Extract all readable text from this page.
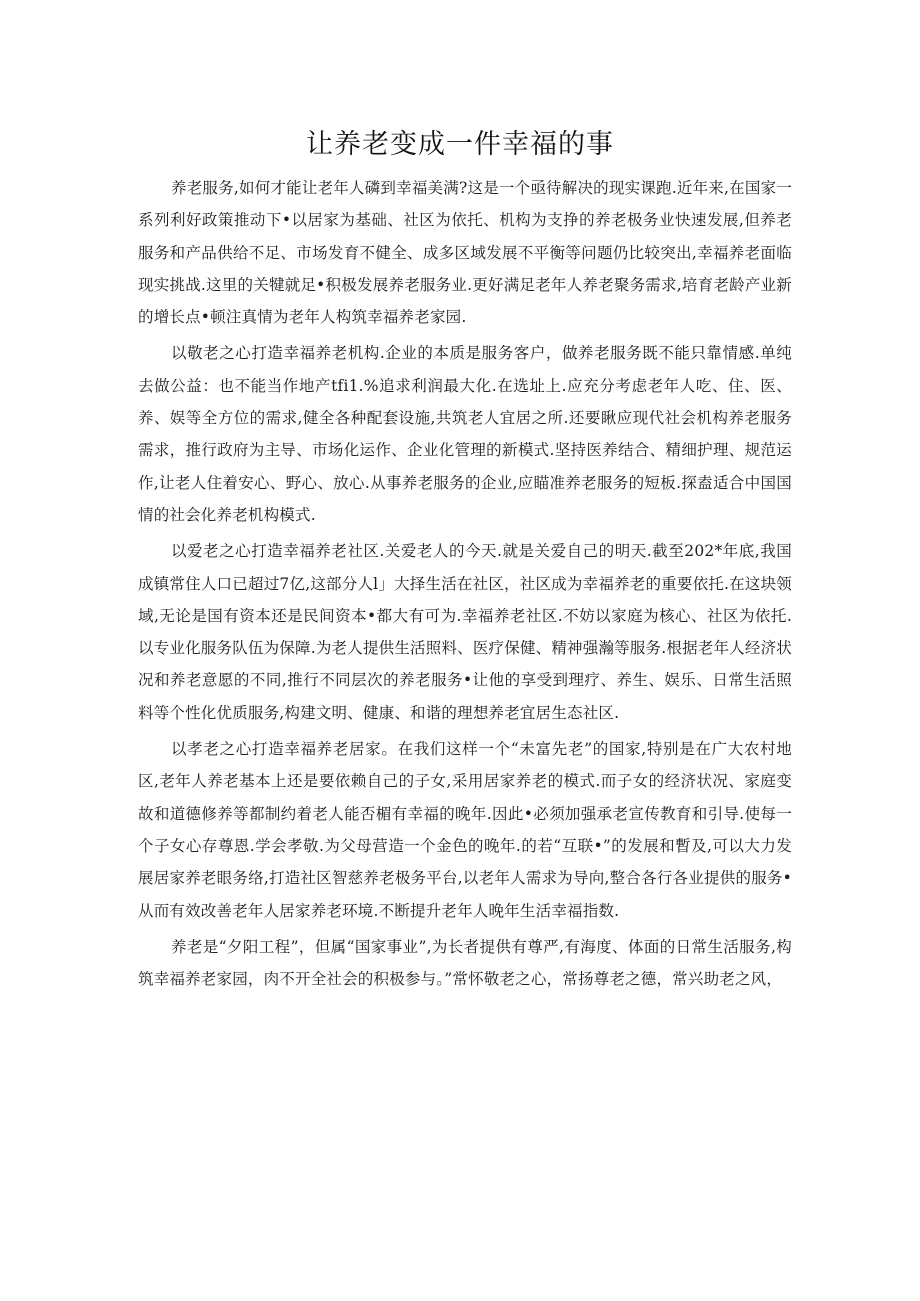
让养老变成一件幸福的事

养老服务,如何才能让老年人磷到幸福美满?这是一个亟待解决的现实课跑.近年来,在国家一系列利好政策推动下•以居家为基础、社区为依托、机构为支挣的养老极务业快速发展,但养老服务和产品供给不足、市场发育不健全、成多区域发展不平衡等问题仍比较突出,幸福养老面临现实挑战.这里的关犍就足•积极发展养老服务业.更好满足老年人养老聚务需求,培育老龄产业新的增长点•顿注真情为老年人构筑幸福养老家园.

以敬老之心打造幸福养老机构.企业的本质是服务客户，做养老服务既不能只靠情感.单纯去做公益：也不能当作地产tfi1.%追求利润最大化.在选址上.应充分考虑老年人吃、住、医、养、娱等全方位的需求,健全各种配套设施,共筑老人宜居之所.还要瞅应现代社会机构养老服务需求，推行政府为主导、市场化运作、企业化管理的新模式.坚持医养结合、精细护理、规范运作,让老人住着安心、野心、放心.从事养老服务的企业,应瞄准养老服务的短板.探盍适合中国国情的社会化养老机构模式.

以爱老之心打造幸福养老社区.关爱老人的今天.就是关爱自己的明天.截至202*年底,我国成镇常住人口已超过7亿,这部分人l」大择生活在社区，社区成为幸福养老的重要依托.在这块领域,无论是国有资本还是民间资本•都大有可为.幸福养老社区.不妨以家庭为核心、社区为依托.以专业化服务队伍为保障.为老人提供生活照料、医疗保健、精神强瀚等服务.根据老年人经济状况和养老意愿的不同,推行不同层次的养老服务•让他的享受到理疗、养生、娱乐、日常生活照料等个性化优质服务,构建文明、健康、和谐的理想养老宜居生态社区.

以孝老之心打造幸福养老居家。在我们这样一个“未富先老”的国家,特别是在广大农村地区,老年人养老基本上还是要依赖自己的子女,采用居家养老的模式.而子女的经济状况、家庭变故和道德修养等都制约着老人能否楣有幸福的晚年.因此•必须加强承老宣传教育和引导.使每一个子女心存尊恩.学会孝敬.为父母营造一个金色的晚年.的若“互联•”的发展和暫及,可以大力发展居家养老眼务络,打造社区智慈养老极务平台,以老年人需求为导向,整合各行各业提供的服务•从而有效改善老年人居家养老环境.不断提升老年人晚年生活幸福指数.

养老是“夕阳工程”，但属“国家事业”,为长者提供有尊严,有海度、体面的日常生活服务,构筑幸福养老家园，肉不开全社会的积极参与。”常怀敬老之心，常扬尊老之德，常兴助老之风，
